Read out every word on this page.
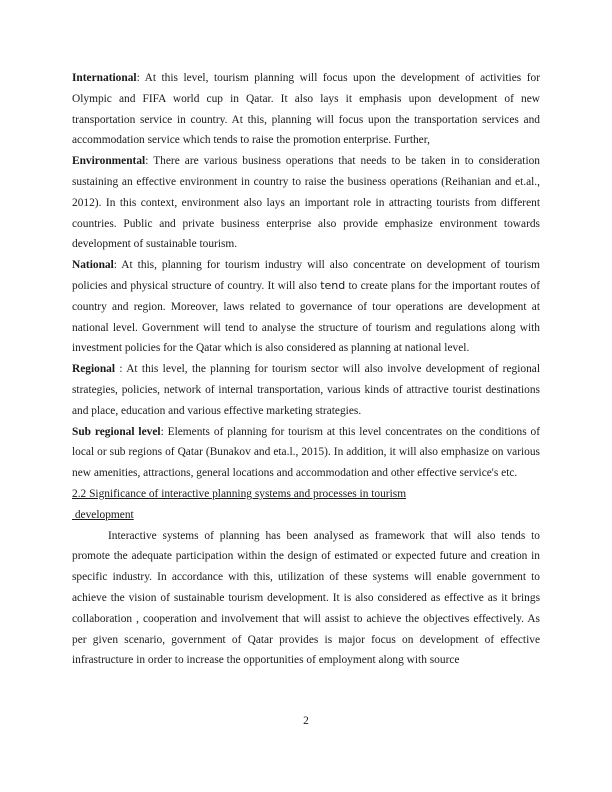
International: At this level, tourism planning will focus upon the development of activities for Olympic and FIFA world cup in Qatar. It also lays it emphasis upon development of new transportation service in country. At this, planning will focus upon the transportation services and accommodation service which tends to raise the promotion enterprise. Further,

Environmental: There are various business operations that needs to be taken in to consideration sustaining an effective environment in country to raise the business operations (Reihanian and et.al., 2012). In this context, environment also lays an important role in attracting tourists from different countries. Public and private business enterprise also provide emphasize environment towards development of sustainable tourism.

National: At this, planning for tourism industry will also concentrate on development of tourism policies and physical structure of country. It will also tend to create plans for the important routes of country and region. Moreover, laws related to governance of tour operations are development at national level. Government will tend to analyse the structure of tourism and regulations along with investment policies for the Qatar which is also considered as planning at national level.

Regional : At this level, the planning for tourism sector will also involve development of regional strategies, policies, network of internal transportation, various kinds of attractive tourist destinations and place, education and various effective marketing strategies.

Sub regional level: Elements of planning for tourism at this level concentrates on the conditions of local or sub regions of Qatar (Bunakov and eta.l., 2015). In addition, it will also emphasize on various new amenities, attractions, general locations and accommodation and other effective service's etc.

2.2 Significance of interactive planning systems and processes in tourism
development

Interactive systems of planning has been analysed as framework that will also tends to promote the adequate participation within the design of estimated or expected future and creation in specific industry. In accordance with this, utilization of these systems will enable government to achieve the vision of sustainable tourism development. It is also considered as effective as it brings collaboration , cooperation and involvement that will assist to achieve the objectives effectively. As per given scenario, government of Qatar provides is major focus on development of effective infrastructure in order to increase the opportunities of employment along with source

2
